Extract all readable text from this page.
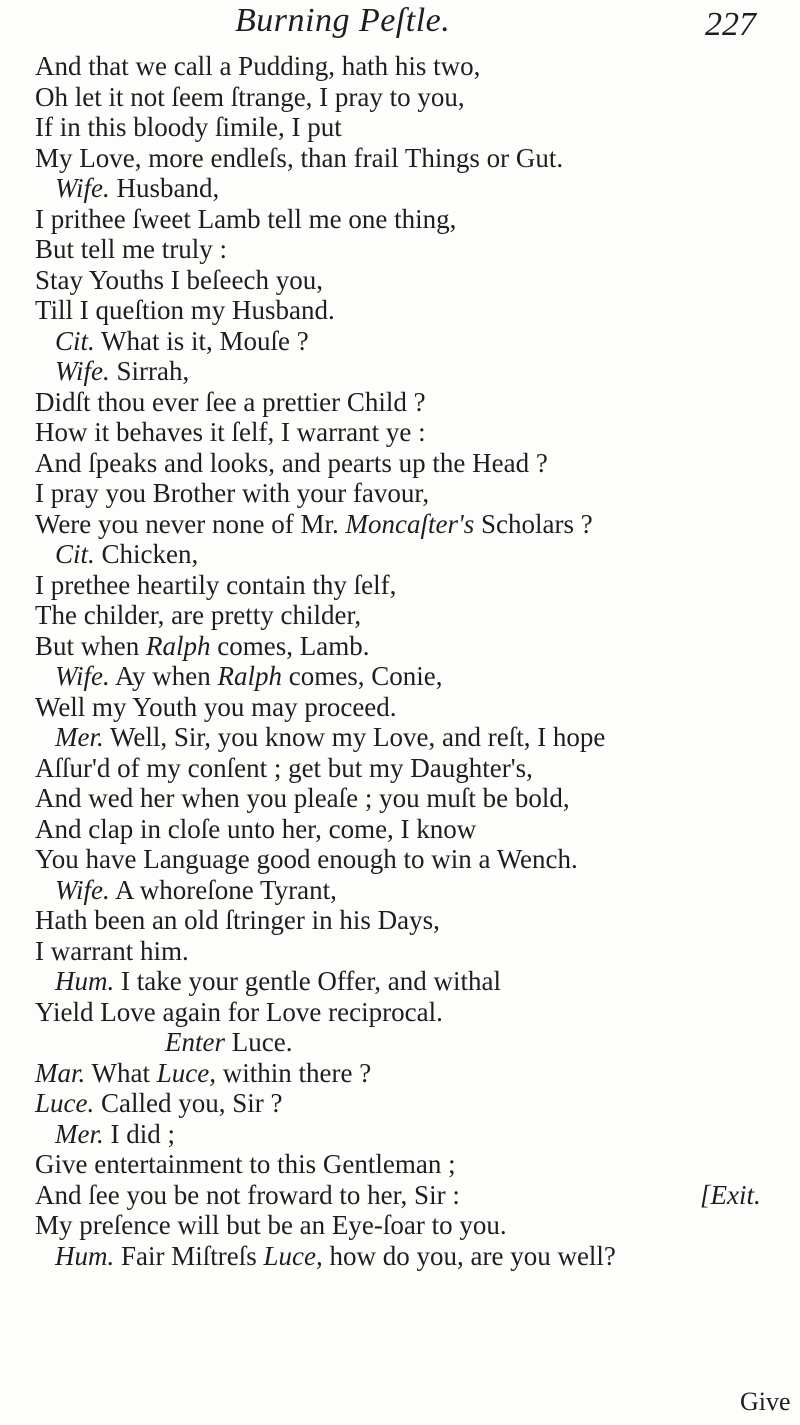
Burning Peſtle.	227
And that we call a Pudding, hath his two,
Oh let it not ſeem ſtrange, I pray to you,
If in this bloody ſimile, I put
My Love, more endleſs, than frail Things or Gut.
Wife. Husband,
I prithee ſweet Lamb tell me one thing,
But tell me truly :
Stay Youths I beſeech you,
Till I queſtion my Husband.
Cit. What is it, Mouſe ?
Wife. Sirrah,
Didſt thou ever ſee a prettier Child ?
How it behaves it ſelf, I warrant ye :
And ſpeaks and looks, and pearts up the Head ?
I pray you Brother with your favour,
Were you never none of Mr. Moncaſter's Scholars ?
Cit. Chicken,
I prethee heartily contain thy ſelf,
The childer, are pretty childer,
But when Ralph comes, Lamb.
Wife. Ay when Ralph comes, Conie,
Well my Youth you may proceed.
Mer. Well, Sir, you know my Love, and reſt, I hope
Aſſur'd of my conſent ; get but my Daughter's,
And wed her when you pleaſe ; you muſt be bold,
And clap in cloſe unto her, come, I know
You have Language good enough to win a Wench.
Wife. A whoreſone Tyrant,
Hath been an old ſtringer in his Days,
I warrant him.
Hum. I take your gentle Offer, and withal
Yield Love again for Love reciprocal.
Enter Luce.
Mar. What Luce, within there ?
Luce. Called you, Sir ?
Mer. I did ;
Give entertainment to this Gentleman ;
And ſee you be not froward to her, Sir :	[Exit.
My preſence will but be an Eye-ſoar to you.
Hum. Fair Miſtreſs Luce, how do you, are you well?
Give
